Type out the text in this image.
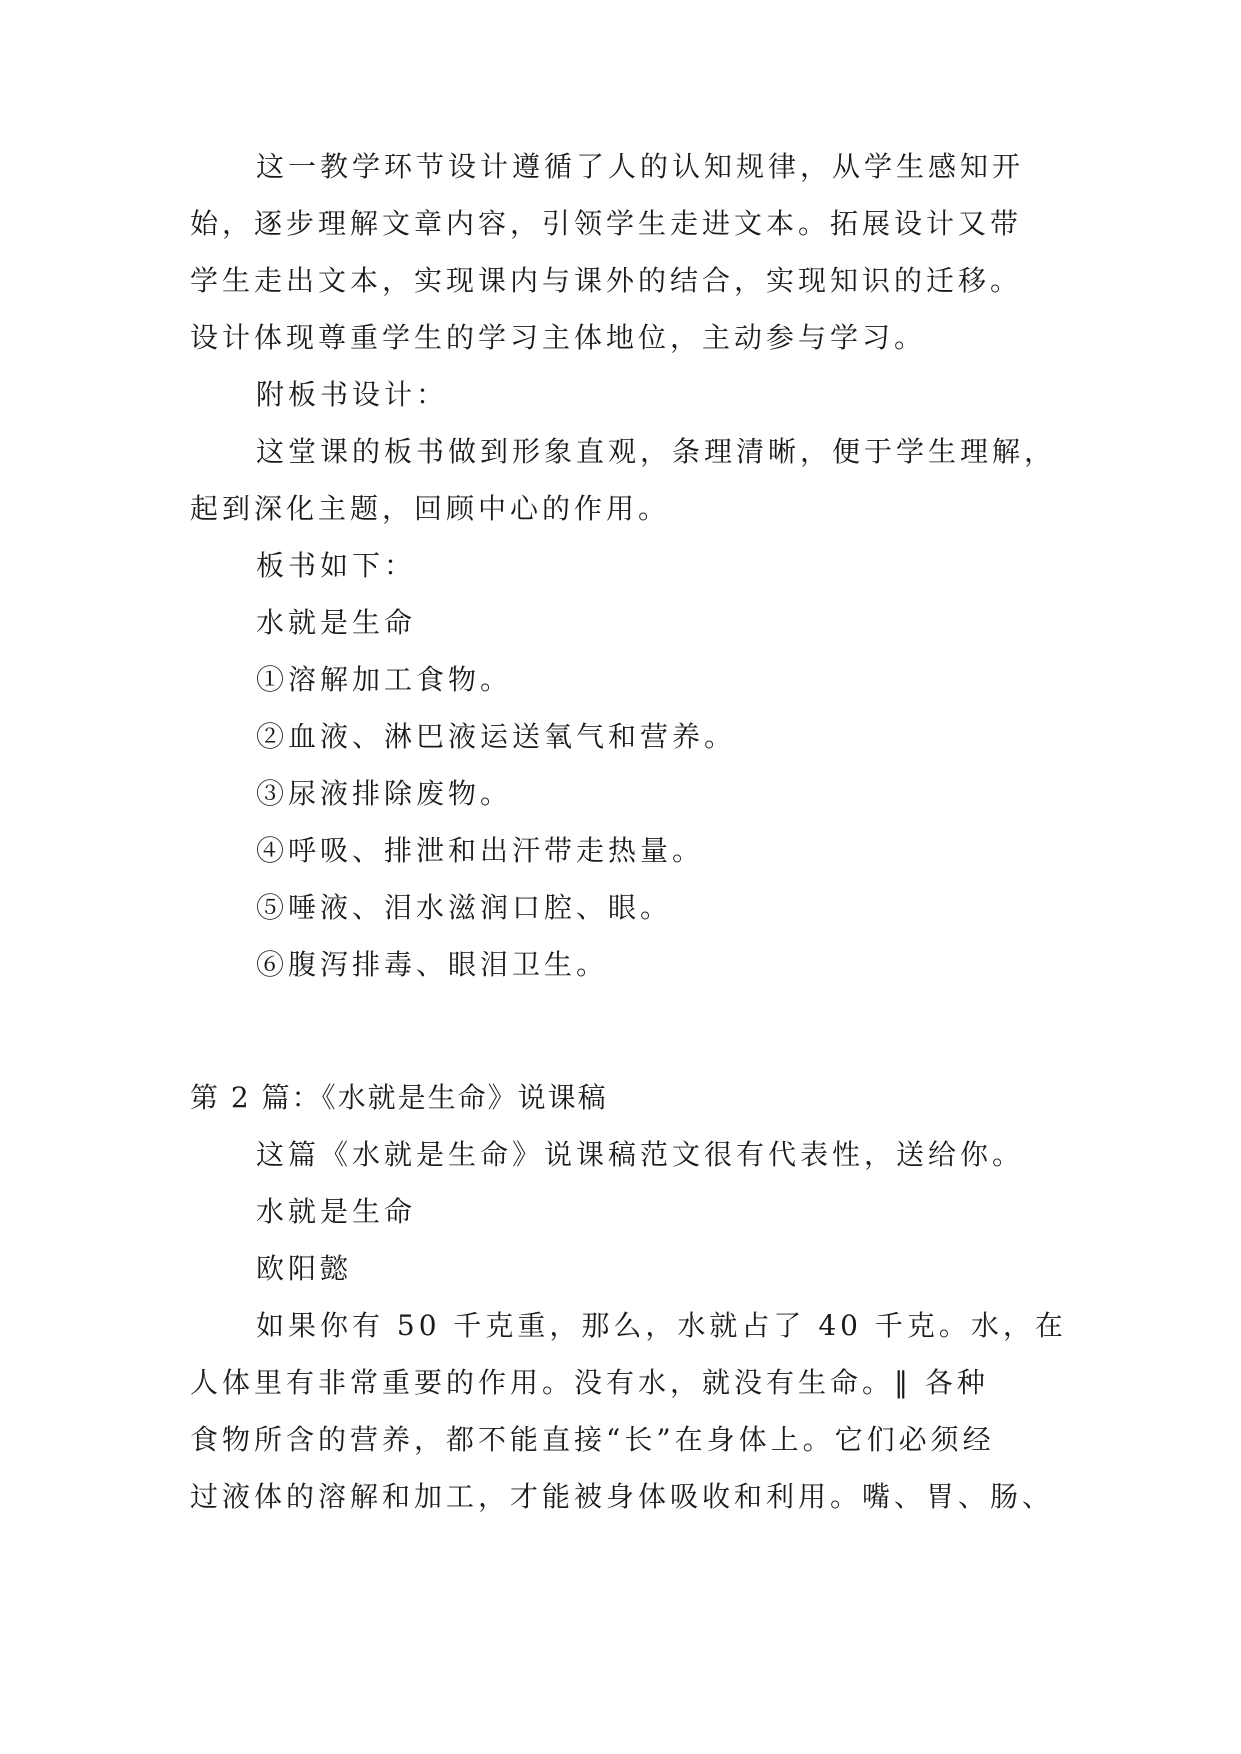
这一教学环节设计遵循了人的认知规律，从学生感知开
始，逐步理解文章内容，引领学生走进文本。拓展设计又带
学生走出文本，实现课内与课外的结合，实现知识的迁移。
设计体现尊重学生的学习主体地位，主动参与学习。
附板书设计：
这堂课的板书做到形象直观，条理清晰，便于学生理解，
起到深化主题，回顾中心的作用。
板书如下：
水就是生命
①溶解加工食物。
②血液、淋巴液运送氧气和营养。
③尿液排除废物。
④呼吸、排泄和出汗带走热量。
⑤唾液、泪水滋润口腔、眼。
⑥腹泻排毒、眼泪卫生。
第 2 篇：《水就是生命》说课稿
这篇《水就是生命》说课稿范文很有代表性，送给你。
水就是生命
欧阳懿
如果你有 50 千克重，那么，水就占了 40 千克。水，在
人体里有非常重要的作用。没有水，就没有生命。‖ 各种
食物所含的营养，都不能直接“长”在身体上。它们必须经
过液体的溶解和加工，才能被身体吸收和利用。嘴、胃、肠、
